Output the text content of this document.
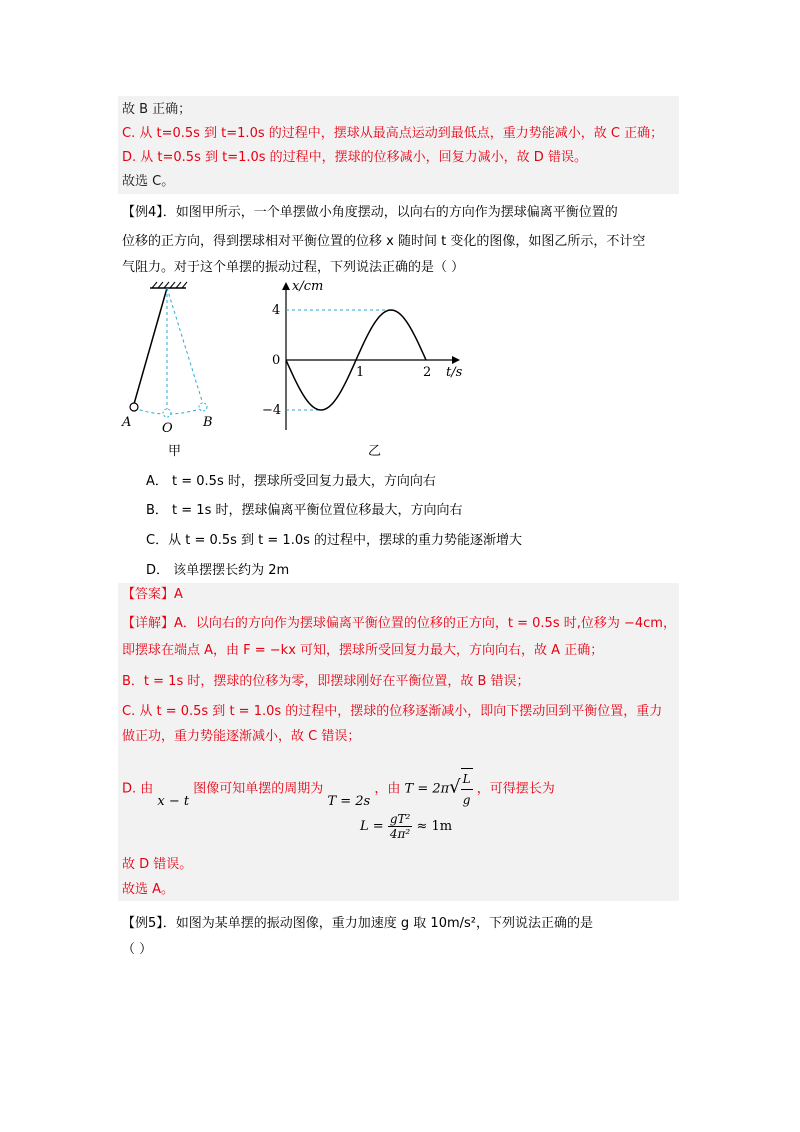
故 B 正确；
C. 从 t=0.5s 到 t=1.0s 的过程中，摆球从最高点运动到最低点，重力势能减小，故 C 正确；
D. 从 t=0.5s 到 t=1.0s 的过程中，摆球的位移减小，回复力减小，故 D 错误。
故选 C。
【例4】．如图甲所示，一个单摆做小角度摆动，以向右的方向作为摆球偏离平衡位置的
位移的正方向，得到摆球相对平衡位置的位移 x 随时间 t 变化的图像，如图乙所示，不计空
气阻力。对于这个单摆的振动过程，下列说法正确的是（ ）
A O B
甲
x/cm
t/s
4
0
−4
1	2
乙
A． t = 0.5s 时，摆球所受回复力最大，方向向右
B． t = 1s 时，摆球偏离平衡位置位移最大，方向向右
C．从 t = 0.5s 到 t = 1.0s 的过程中，摆球的重力势能逐渐增大
D． 该单摆摆长约为 2m
【答案】A
【详解】A．以向右的方向作为摆球偏离平衡位置的位移的正方向，t = 0.5s 时,位移为 −4cm，
即摆球在端点 A，由 F = −kx 可知，摆球所受回复力最大，方向向右，故 A 正确；
B．t = 1s 时，摆球的位移为零，即摆球刚好在平衡位置，故 B 错误；
C. 从 t = 0.5s 到 t = 1.0s 的过程中，摆球的位移逐渐减小，即向下摆动回到平衡位置，重力
做正功，重力势能逐渐减小，故 C 错误；
D. 由 x − t 图像可知单摆的周期为 T = 2s ，由 $T = 2\pi√ \frac{L}{g}$ ，可得摆长为
$L = \frac{\text{gT²}}{\text{4π²}} \approx 1m$
故 D 错误。
故选 A。
【例5】．如图为某单摆的振动图像，重力加速度 g 取 10m/s²，下列说法正确的是
（ ）
